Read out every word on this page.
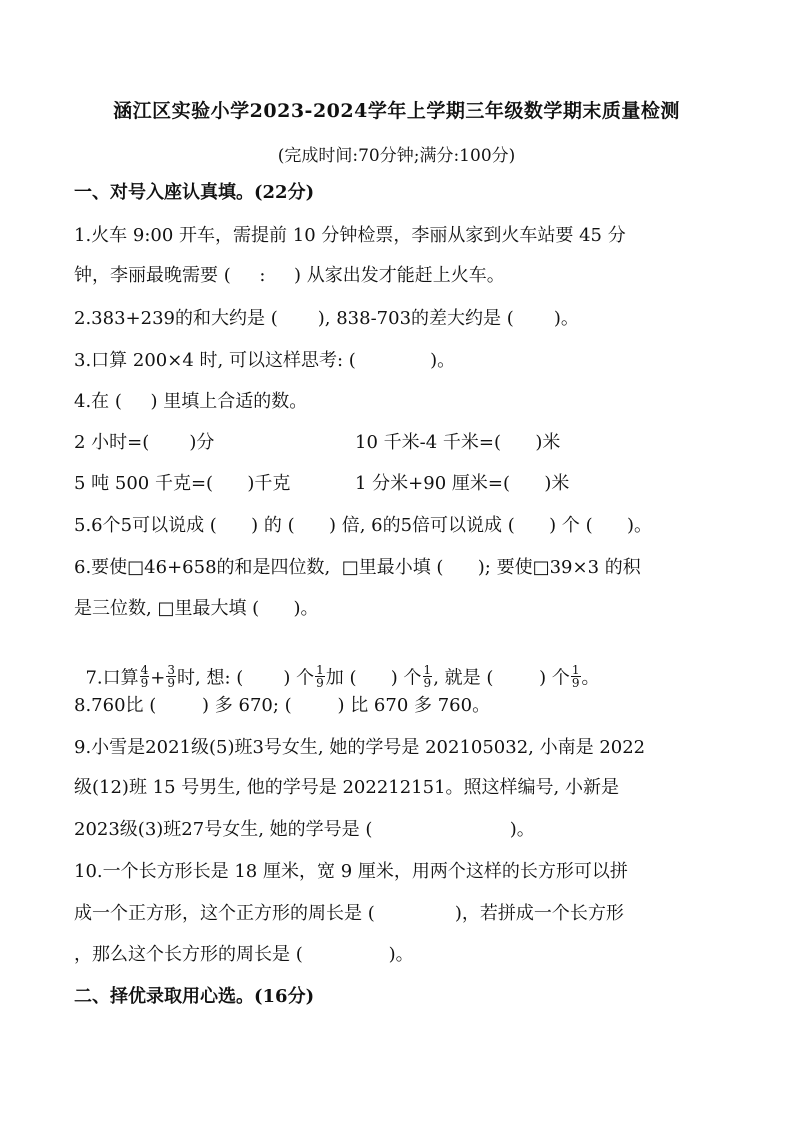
涵江区实验小学2023-2024学年上学期三年级数学期末质量检测
(完成时间:70分钟;满分:100分)
一、对号入座认真填。(22分)
1.火车 9:00 开车，需提前 10 分钟检票，李丽从家到火车站要 45 分
钟，李丽最晚需要 (     :     ) 从家出发才能赶上火车。
2.383+239的和大约是 (       ), 838-703的差大约是 (       )。
3.口算 200×4 时, 可以这样思考: (             )。
4.在 (     ) 里填上合适的数。
2 小时=(       )分	10 千米-4 千米=(      )米
5 吨 500 千克=(      )千克	1 分米+90 厘米=(      )米
5.6个5可以说成 (      ) 的 (      ) 倍, 6的5倍可以说成 (      ) 个 (      )。
6.要使□46+658的和是四位数,  □里最小填 (      ); 要使□39×3 的积
是三位数, □里最大填 (      )。

7.口算 $\frac{4}{9} + \frac{3}{9}$ 时, 想: (       ) 个 $\frac{1}{9}$ 加 (      ) 个 $\frac{1}{9}$ , 就是 (        ) 个 $\frac{1}{9}$ 。

8.760比 (        ) 多 670; (        ) 比 670 多 760。
9.小雪是2021级(5)班3号女生, 她的学号是 202105032, 小南是 2022
级(12)班 15 号男生, 他的学号是 202212151。照这样编号, 小新是
2023级(3)班27号女生, 她的学号是 (                        )。
10.一个长方形长是 18 厘米，宽 9 厘米，用两个这样的长方形可以拼
成一个正方形，这个正方形的周长是 (              )，若拼成一个长方形
，那么这个长方形的周长是 (               )。
二、择优录取用心选。(16分)
